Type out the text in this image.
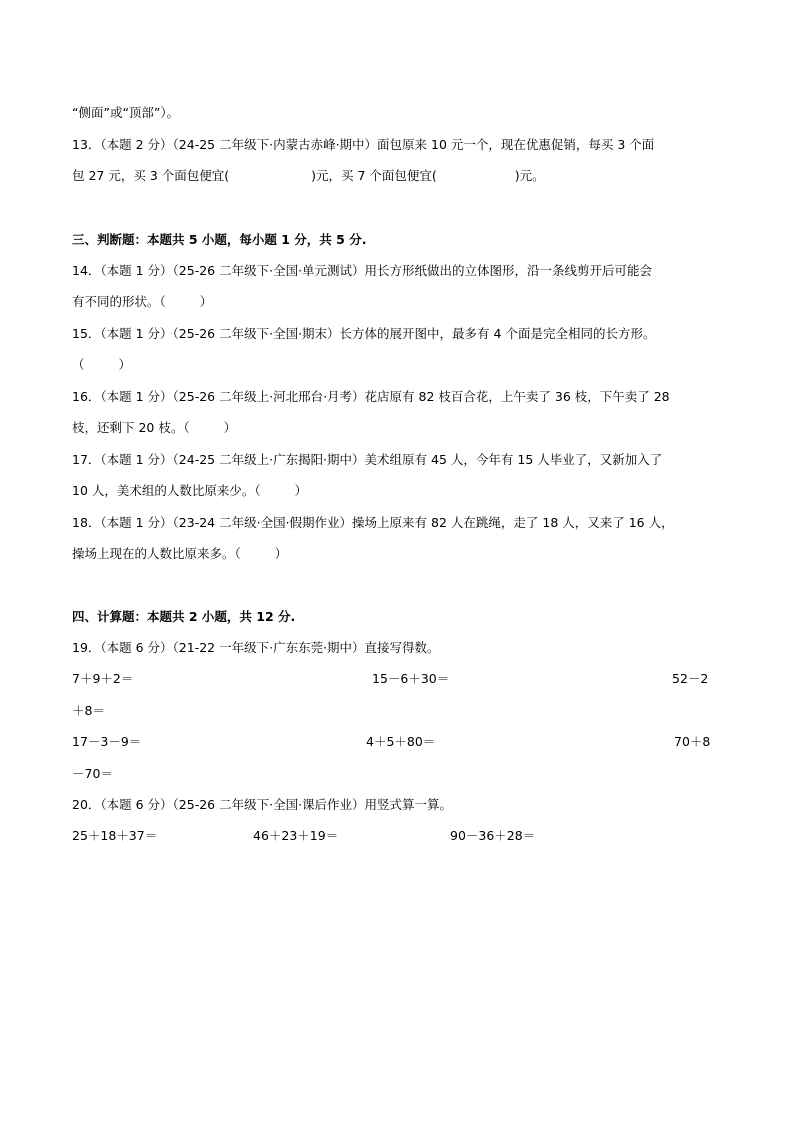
“侧面”或“顶部”）。
13．（本题 2 分）（24-25 二年级下·内蒙古赤峰·期中）面包原来 10 元一个，现在优惠促销，每买 3 个面
包 27 元，买 3 个面包便宜(	)元，买 7 个面包便宜(	)元。
三、判断题：本题共 5 小题，每小题 1 分，共 5 分.
14．（本题 1 分）（25-26 二年级下·全国·单元测试）用长方形纸做出的立体图形，沿一条线剪开后可能会
有不同的形状。（	）
15．（本题 1 分）（25-26 二年级下·全国·期末）长方体的展开图中，最多有 4 个面是完全相同的长方形。
（	）
16．（本题 1 分）（25-26 二年级上·河北邢台·月考）花店原有 82 枝百合花，上午卖了 36 枝，下午卖了 28
枝，还剩下 20 枝。（	）
17．（本题 1 分）（24-25 二年级上·广东揭阳·期中）美术组原有 45 人，今年有 15 人毕业了，又新加入了
10 人，美术组的人数比原来少。（	）
18．（本题 1 分）（23-24 二年级·全国·假期作业）操场上原来有 82 人在跳绳，走了 18 人，又来了 16 人，
操场上现在的人数比原来多。（	）
四、计算题：本题共 2 小题，共 12 分.
19．（本题 6 分）（21-22 一年级下·广东东莞·期中）直接写得数。
7＋9＋2＝	15－6＋30＝	52－2
＋8＝
17－3－9＝	4＋5＋80＝	70＋8
－70＝
20．（本题 6 分）（25-26 二年级下·全国·课后作业）用竖式算一算。
25＋18＋37＝	46＋23＋19＝	90－36＋28＝
